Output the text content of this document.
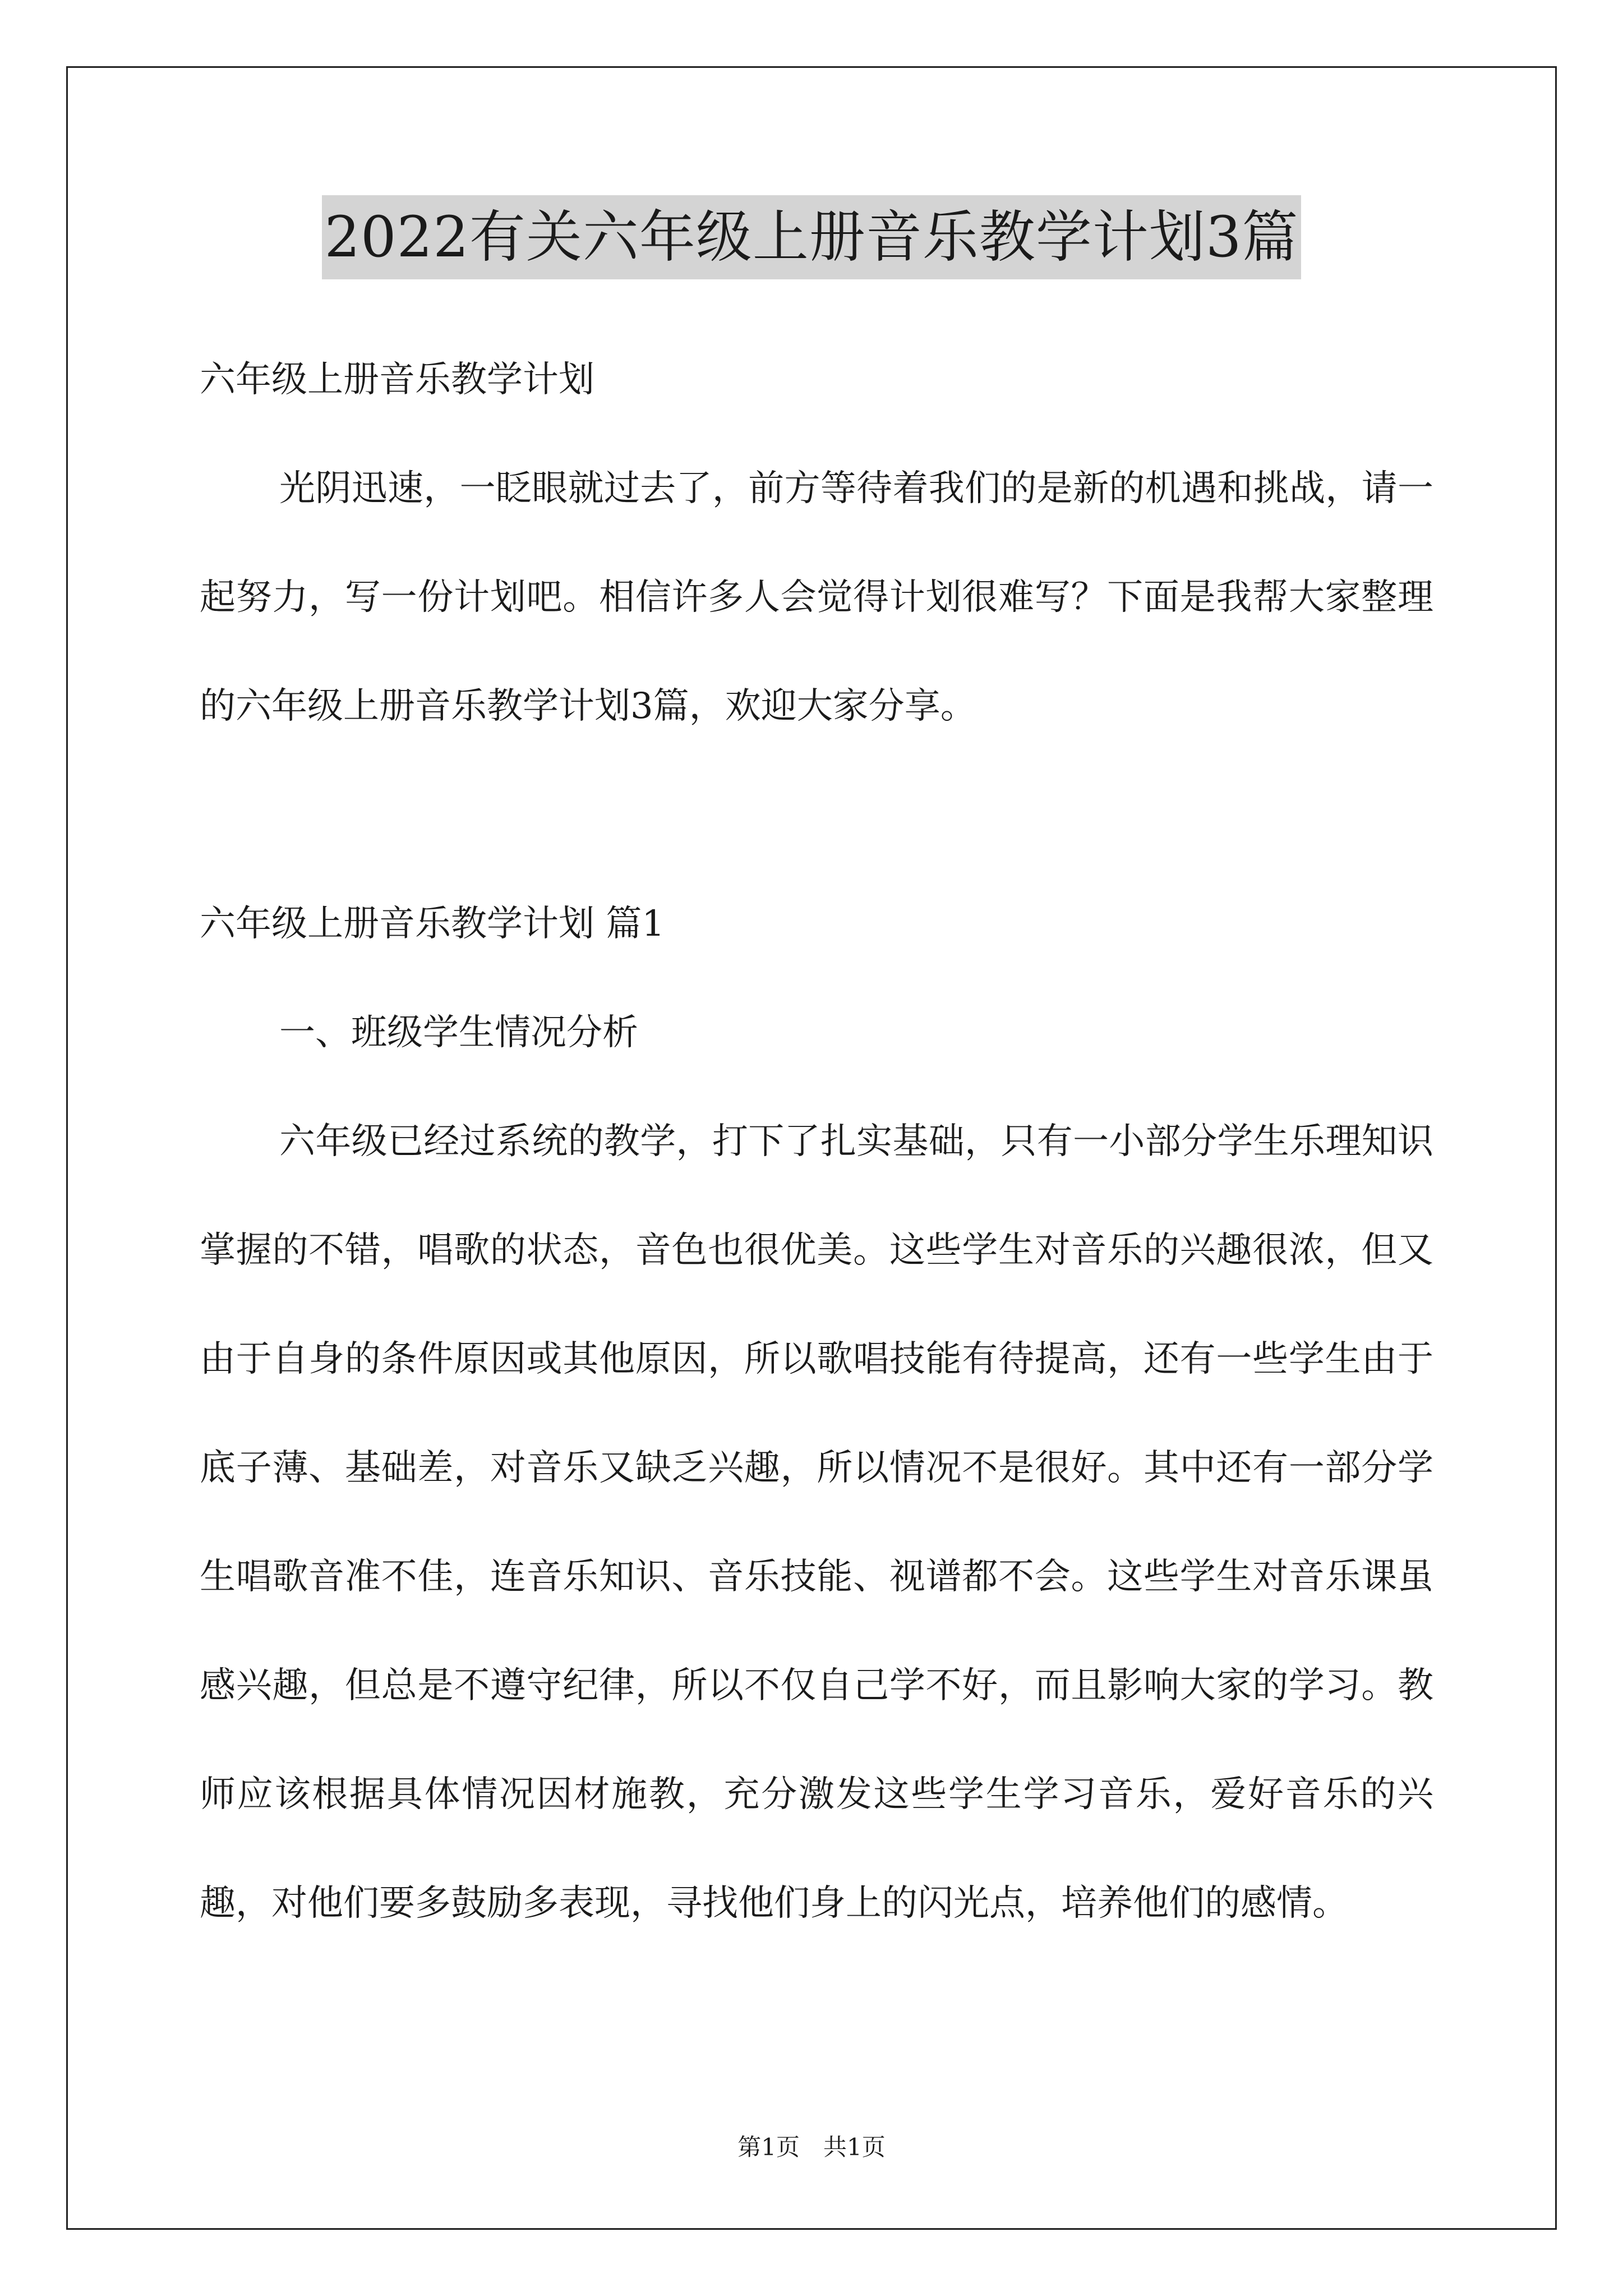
2022有关六年级上册音乐教学计划3篇
六年级上册音乐教学计划

光阴迅速，一眨眼就过去了，前方等待着我们的是新的机遇和挑战，请一起努力，写一份计划吧。相信许多人会觉得计划很难写？下面是我帮大家整理的六年级上册音乐教学计划3篇，欢迎大家分享。

六年级上册音乐教学计划 篇1
一、班级学生情况分析

六年级已经过系统的教学，打下了扎实基础，只有一小部分学生乐理知识掌握的不错，唱歌的状态，音色也很优美。这些学生对音乐的兴趣很浓，但又由于自身的条件原因或其他原因，所以歌唱技能有待提高，还有一些学生由于底子薄、基础差，对音乐又缺乏兴趣，所以情况不是很好。其中还有一部分学生唱歌音准不佳，连音乐知识、音乐技能、视谱都不会。这些学生对音乐课虽感兴趣，但总是不遵守纪律，所以不仅自己学不好，而且影响大家的学习。教师应该根据具体情况因材施教，充分激发这些学生学习音乐，爱好音乐的兴趣，对他们要多鼓励多表现，寻找他们身上的闪光点，培养他们的感情。

第1页　共1页
